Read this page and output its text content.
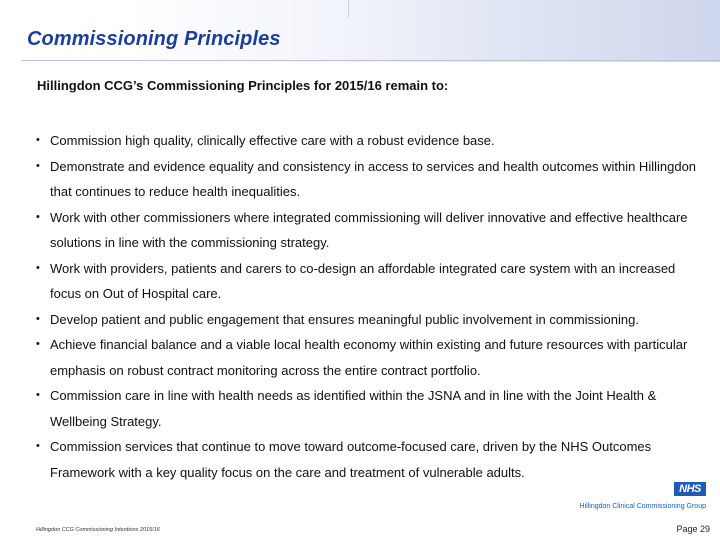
Commissioning Principles
Hillingdon CCG’s Commissioning Principles for 2015/16 remain to:
• Commission high quality, clinically effective care with a robust evidence base.
• Demonstrate and evidence equality and consistency in access to services and health outcomes within Hillingdon that continues to reduce health inequalities.
• Work with other commissioners where integrated commissioning will deliver innovative and effective healthcare solutions in line with the commissioning strategy.
• Work with providers, patients and carers to co-design an affordable integrated care system with an increased focus on Out of Hospital care.
• Develop patient and public engagement that ensures meaningful public involvement in commissioning.
• Achieve financial balance and a viable local health economy within existing and future resources with particular emphasis on robust contract monitoring across the entire contract portfolio.
• Commission care in line with health needs as identified within the JSNA and in line with the Joint Health & Wellbeing Strategy.
• Commission services that continue to move toward outcome-focused care, driven by the NHS Outcomes Framework with a key quality focus on the care and treatment of vulnerable adults.
NHS
Hillingdon Clinical Commissioning Group
Hillingdon CCG Commissioning Intentions 2015/16	Page 29
